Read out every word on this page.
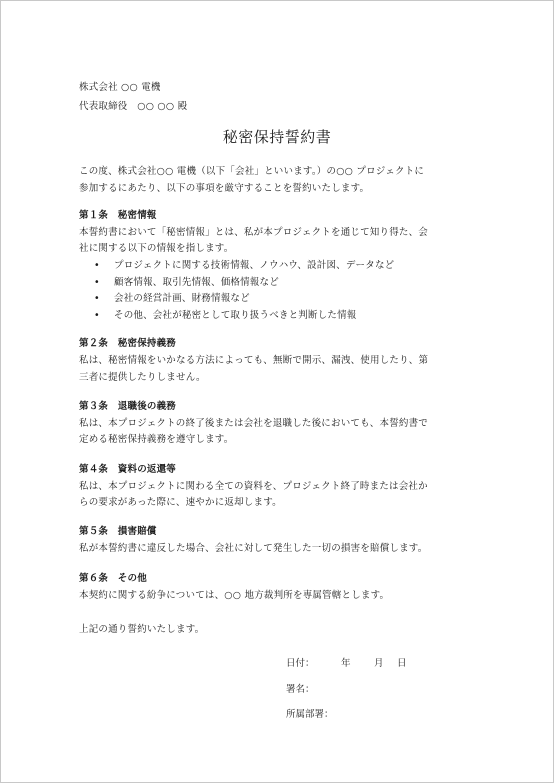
株式会社 ○○ 電機
代表取締役　○○ ○○ 殿
秘密保持誓約書
この度、株式会社○○ 電機（以下「会社」といいます。）の○○ プロジェクトに
参加するにあたり、以下の事項を厳守することを誓約いたします。
第１条　秘密情報
本誓約書において「秘密情報」とは、私が本プロジェクトを通じて知り得た、会
社に関する以下の情報を指します。
• プロジェクトに関する技術情報、ノウハウ、設計図、データなど
• 顧客情報、取引先情報、価格情報など
• 会社の経営計画、財務情報など
• その他、会社が秘密として取り扱うべきと判断した情報
第２条　秘密保持義務
私は、秘密情報をいかなる方法によっても、無断で開示、漏洩、使用したり、第
三者に提供したりしません。
第３条　退職後の義務
私は、本プロジェクトの終了後または会社を退職した後においても、本誓約書で
定める秘密保持義務を遵守します。
第４条　資料の返還等
私は、本プロジェクトに関わる全ての資料を、プロジェクト終了時または会社か
らの要求があった際に、速やかに返却します。
第５条　損害賠償
私が本誓約書に違反した場合、会社に対して発生した一切の損害を賠償します。
第６条　その他
本契約に関する紛争については、○○ 地方裁判所を専属管轄とします。
上記の通り誓約いたします。
日付：	年 月 日
署名：
所属部署：
